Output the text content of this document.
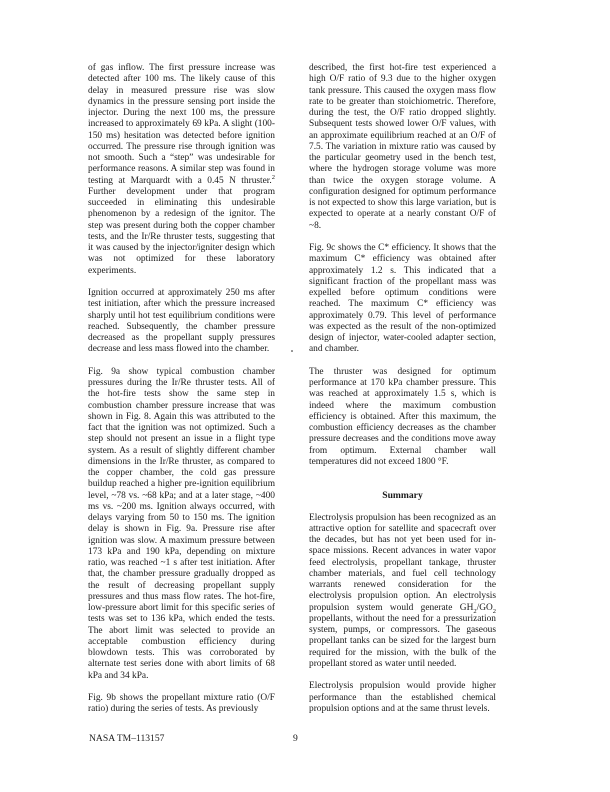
of gas inflow. The first pressure increase was detected after 100 ms. The likely cause of this delay in measured pressure rise was slow dynamics in the pressure sensing port inside the injector. During the next 100 ms, the pressure increased to approximately 69 kPa. A slight (100-150 ms) hesitation was detected before ignition occurred. The pressure rise through ignition was not smooth. Such a “step” was undesirable for performance reasons. A similar step was found in testing at Marquardt with a 0.45 N thruster.$^2$ Further development under that program succeeded in eliminating this undesirable phenomenon by a redesign of the ignitor. The step was present during both the copper chamber tests, and the Ir/Re thruster tests, suggesting that it was caused by the injector/igniter design which was not optimized for these laboratory experiments.

Ignition occurred at approximately 250 ms after test initiation, after which the pressure increased sharply until hot test equilibrium conditions were reached. Subsequently, the chamber pressure decreased as the propellant supply pressures decrease and less mass flowed into the chamber.

Fig. 9a show typical combustion chamber pressures during the Ir/Re thruster tests. All of the hot-fire tests show the same step in combustion chamber pressure increase that was shown in Fig. 8. Again this was attributed to the fact that the ignition was not optimized. Such a step should not present an issue in a flight type system. As a result of slightly different chamber dimensions in the Ir/Re thruster, as compared to the copper chamber, the cold gas pressure buildup reached a higher pre-ignition equilibrium level, ~78 vs. ~68 kPa; and at a later stage, ~400 ms vs. ~200 ms. Ignition always occurred, with delays varying from 50 to 150 ms. The ignition delay is shown in Fig. 9a. Pressure rise after ignition was slow. A maximum pressure between 173 kPa and 190 kPa, depending on mixture ratio, was reached ~1 s after test initiation. After that, the chamber pressure gradually dropped as the result of decreasing propellant supply pressures and thus mass flow rates. The hot-fire, low-pressure abort limit for this specific series of tests was set to 136 kPa, which ended the tests. The abort limit was selected to provide an acceptable combustion efficiency during blowdown tests. This was corroborated by alternate test series done with abort limits of 68 kPa and 34 kPa.

Fig. 9b shows the propellant mixture ratio (O/F ratio) during the series of tests. As previously

described, the first hot-fire test experienced a high O/F ratio of 9.3 due to the higher oxygen tank pressure. This caused the oxygen mass flow rate to be greater than stoichiometric. Therefore, during the test, the O/F ratio dropped slightly. Subsequent tests showed lower O/F values, with an approximate equilibrium reached at an O/F of 7.5. The variation in mixture ratio was caused by the particular geometry used in the bench test, where the hydrogen storage volume was more than twice the oxygen storage volume. A configuration designed for optimum performance is not expected to show this large variation, but is expected to operate at a nearly constant O/F of ~8.

Fig. 9c shows the C* efficiency. It shows that the maximum C* efficiency was obtained after approximately 1.2 s. This indicated that a significant fraction of the propellant mass was expelled before optimum conditions were reached. The maximum C* efficiency was approximately 0.79. This level of performance was expected as the result of the non-optimized design of injector, water-cooled adapter section, and chamber.

The thruster was designed for optimum performance at 170 kPa chamber pressure. This was reached at approximately 1.5 s, which is indeed where the maximum combustion efficiency is obtained. After this maximum, the combustion efficiency decreases as the chamber pressure decreases and the conditions move away from optimum. External chamber wall temperatures did not exceed 1800 °F.

Summary

Electrolysis propulsion has been recognized as an attractive option for satellite and spacecraft over the decades, but has not yet been used for in-space missions. Recent advances in water vapor feed electrolysis, propellant tankage, thruster chamber materials, and fuel cell technology warrants renewed consideration for the electrolysis propulsion option. An electrolysis propulsion system would generate $GH_2/GO_2$ propellants, without the need for a pressurization system, pumps, or compressors. The gaseous propellant tanks can be sized for the largest burn required for the mission, with the bulk of the propellant stored as water until needed.

Electrolysis propulsion would provide higher performance than the established chemical propulsion options and at the same thrust levels.

NASA TM–113157	9
